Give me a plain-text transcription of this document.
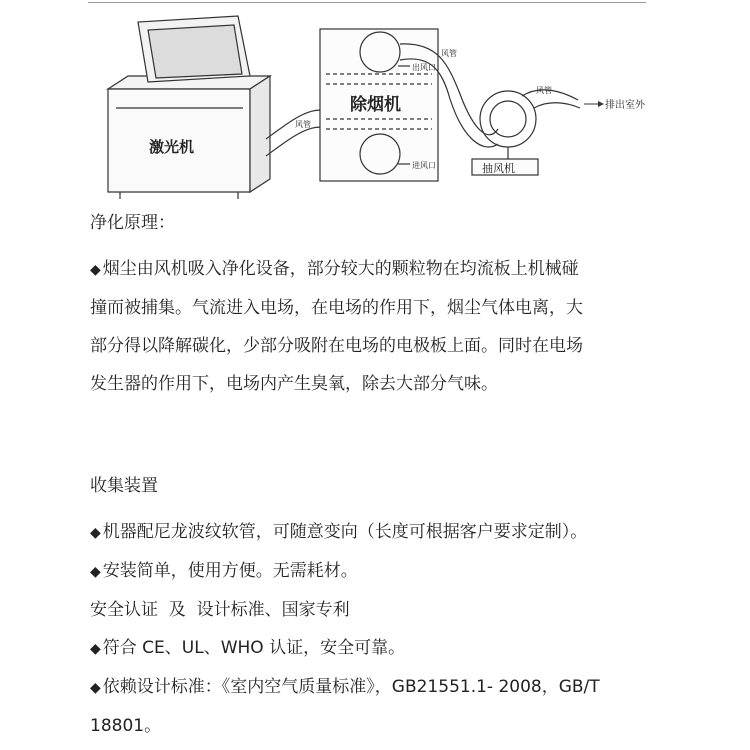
激光机
风管
除烟机
出风口
进风口
风管
抽风机
风管
排出室外
净化原理：
◆ 烟尘由风机吸入净化设备，部分较大的颗粒物在均流板上机械碰
撞而被捕集。气流进入电场，在电场的作用下，烟尘气体电离，大
部分得以降解碳化，少部分吸附在电场的电极板上面。同时在电场
发生器的作用下，电场内产生臭氧，除去大部分气味。
收集装置
◆ 机器配尼龙波纹软管，可随意变向（长度可根据客户要求定制）。
◆ 安装简单，使用方便。无需耗材。
安全认证  及  设计标准、国家专利
◆ 符合 CE、UL、WHO 认证，安全可靠。
◆ 依赖设计标准：《室内空气质量标准》，GB21551.1- 2008，GB/T
18801。
